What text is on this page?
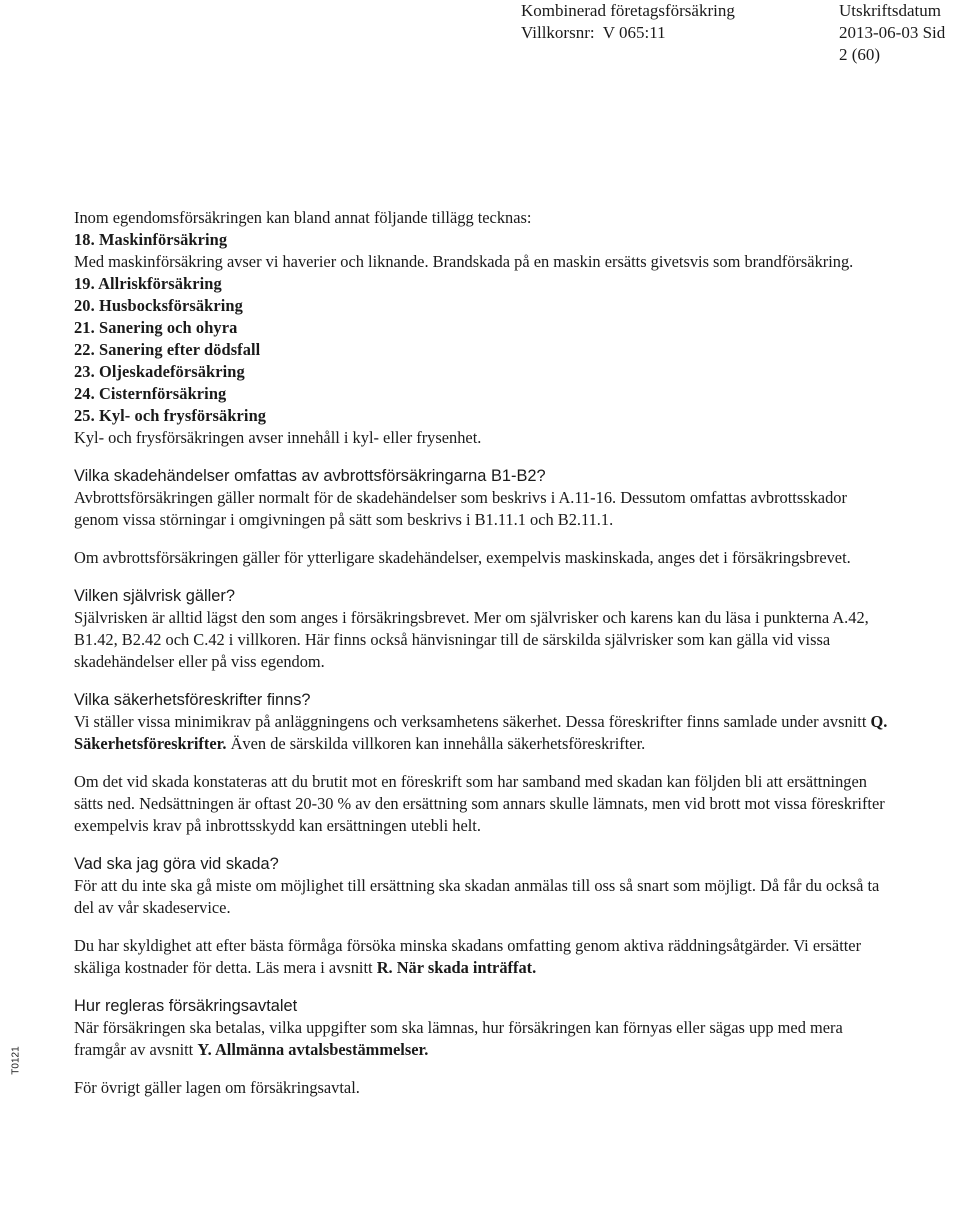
Kombinerad företagsförsäkring	Utskriftsdatum
Villkorsnr: V 065:11	2013-06-03 Sid
2 (60)
T0121

Inom egendomsförsäkringen kan bland annat följande tillägg tecknas:

18. Maskinförsäkring

Med maskinförsäkring avser vi haverier och liknande. Brandskada på en maskin ersätts givetsvis som brandförsäkring.

19. Allriskförsäkring

20. Husbocksförsäkring

21. Sanering och ohyra

22. Sanering efter dödsfall

23. Oljeskadeförsäkring

24. Cisternförsäkring

25. Kyl- och frysförsäkring

Kyl- och frysförsäkringen avser innehåll i kyl- eller frysenhet.

Vilka skadehändelser omfattas av avbrottsförsäkringarna B1-B2?

Avbrottsförsäkringen gäller normalt för de skadehändelser som beskrivs i A.11-16. Dessutom omfattas avbrottsskador genom vissa störningar i omgivningen på sätt som beskrivs i B1.11.1 och B2.11.1.

Om avbrottsförsäkringen gäller för ytterligare skadehändelser, exempelvis maskinskada, anges det i försäkringsbrevet.

Vilken självrisk gäller?

Självrisken är alltid lägst den som anges i försäkringsbrevet. Mer om självrisker och karens kan du läsa i punkterna A.42, B1.42, B2.42 och C.42 i villkoren. Här finns också hänvisningar till de särskilda självrisker som kan gälla vid vissa skadehändelser eller på viss egendom.

Vilka säkerhetsföreskrifter finns?

Vi ställer vissa minimikrav på anläggningens och verksamhetens säkerhet. Dessa föreskrifter finns samlade under avsnitt Q. Säkerhetsföreskrifter. Även de särskilda villkoren kan innehålla säkerhetsföreskrifter.

Om det vid skada konstateras att du brutit mot en föreskrift som har samband med skadan kan följden bli att ersättningen sätts ned. Nedsättningen är oftast 20-30 % av den ersättning som annars skulle lämnats, men vid brott mot vissa föreskrifter exempelvis krav på inbrottsskydd kan ersättningen utebli helt.

Vad ska jag göra vid skada?

För att du inte ska gå miste om möjlighet till ersättning ska skadan anmälas till oss så snart som möjligt. Då får du också ta del av vår skadeservice.

Du har skyldighet att efter bästa förmåga försöka minska skadans omfatting genom aktiva räddningsåtgärder. Vi ersätter skäliga kostnader för detta. Läs mera i avsnitt R. När skada inträffat.

Hur regleras försäkringsavtalet

När försäkringen ska betalas, vilka uppgifter som ska lämnas, hur försäkringen kan förnyas eller sägas upp med mera framgår av avsnitt Y. Allmänna avtalsbestämmelser.

För övrigt gäller lagen om försäkringsavtal.
